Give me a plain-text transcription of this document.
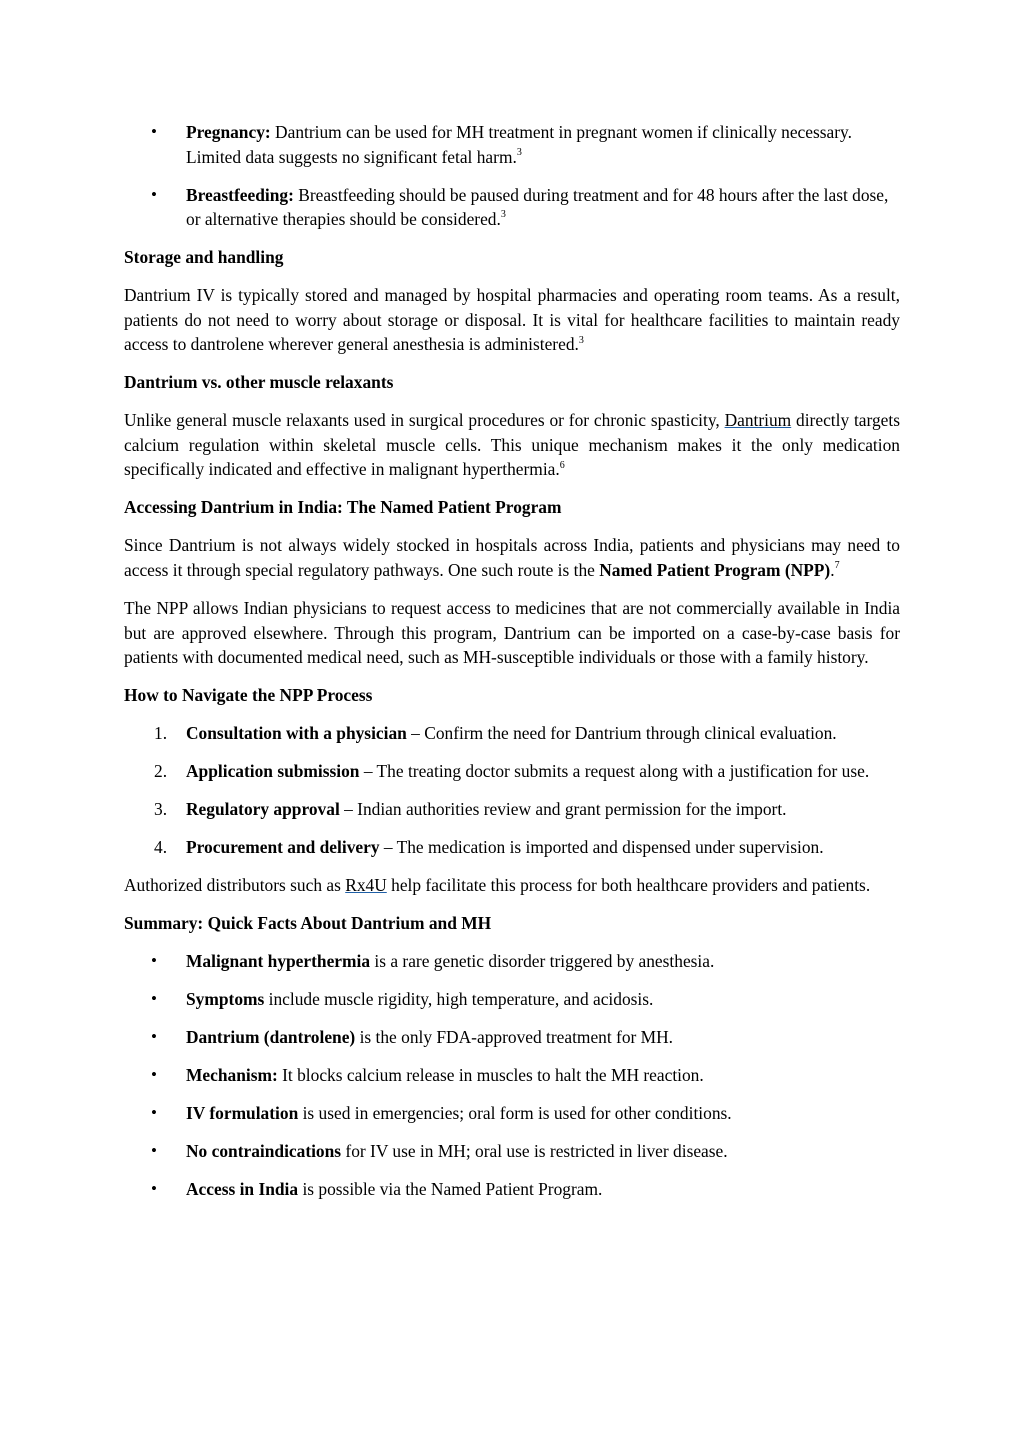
• Pregnancy: Dantrium can be used for MH treatment in pregnant women if clinically necessary. Limited data suggests no significant fetal harm.$^3$
• Breastfeeding: Breastfeeding should be paused during treatment and for 48 hours after the last dose, or alternative therapies should be considered.$^3$

Storage and handling

Dantrium IV is typically stored and managed by hospital pharmacies and operating room teams. As a result, patients do not need to worry about storage or disposal. It is vital for healthcare facilities to maintain ready access to dantrolene wherever general anesthesia is administered.$^3$

Dantrium vs. other muscle relaxants

Unlike general muscle relaxants used in surgical procedures or for chronic spasticity, Dantrium directly targets calcium regulation within skeletal muscle cells. This unique mechanism makes it the only medication specifically indicated and effective in malignant hyperthermia.$^6$

Accessing Dantrium in India: The Named Patient Program

Since Dantrium is not always widely stocked in hospitals across India, patients and physicians may need to access it through special regulatory pathways. One such route is the Named Patient Program (NPP).$^7$

The NPP allows Indian physicians to request access to medicines that are not commercially available in India but are approved elsewhere. Through this program, Dantrium can be imported on a case-by-case basis for patients with documented medical need, such as MH-susceptible individuals or those with a family history.

How to Navigate the NPP Process

1. Consultation with a physician – Confirm the need for Dantrium through clinical evaluation.
2. Application submission – The treating doctor submits a request along with a justification for use.
3. Regulatory approval – Indian authorities review and grant permission for the import.
4. Procurement and delivery – The medication is imported and dispensed under supervision.

Authorized distributors such as Rx4U help facilitate this process for both healthcare providers and patients.

Summary: Quick Facts About Dantrium and MH

• Malignant hyperthermia is a rare genetic disorder triggered by anesthesia.
• Symptoms include muscle rigidity, high temperature, and acidosis.
• Dantrium (dantrolene) is the only FDA-approved treatment for MH.
• Mechanism: It blocks calcium release in muscles to halt the MH reaction.
• IV formulation is used in emergencies; oral form is used for other conditions.
• No contraindications for IV use in MH; oral use is restricted in liver disease.
• Access in India is possible via the Named Patient Program.
